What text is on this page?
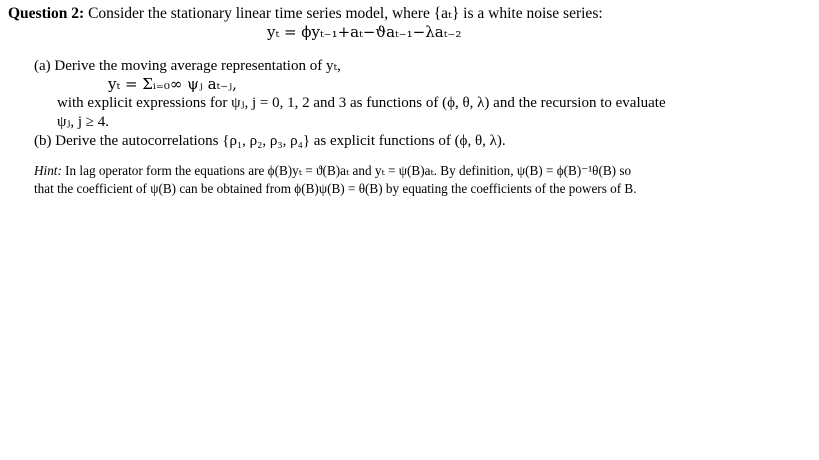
Question 2: Consider the stationary linear time series model, where {aₜ} is a white noise series:
yₜ = ϕyₜ₋₁+aₜ−ϑaₜ₋₁−λaₜ₋₂
(a) Derive the moving average representation of yₜ,
yₜ = Σᵢ₌₀∞ ψⱼ aₜ₋ⱼ,
with explicit expressions for ψⱼ, j = 0, 1, 2 and 3 as functions of (ϕ, θ, λ) and the recursion to evaluate
ψⱼ, j ≥ 4.
(b) Derive the autocorrelations {ρ₁, ρ₂, ρ₃, ρ₄} as explicit functions of (ϕ, θ, λ).
Hint: In lag operator form the equations are ϕ(B)yₜ = ϑ(B)aₜ and yₜ = ψ(B)aₜ. By definition, ψ(B) = ϕ(B)⁻¹θ(B) so
that the coefficient of ψ(B) can be obtained from ϕ(B)ψ(B) = θ(B) by equating the coefficients of the powers of B.
